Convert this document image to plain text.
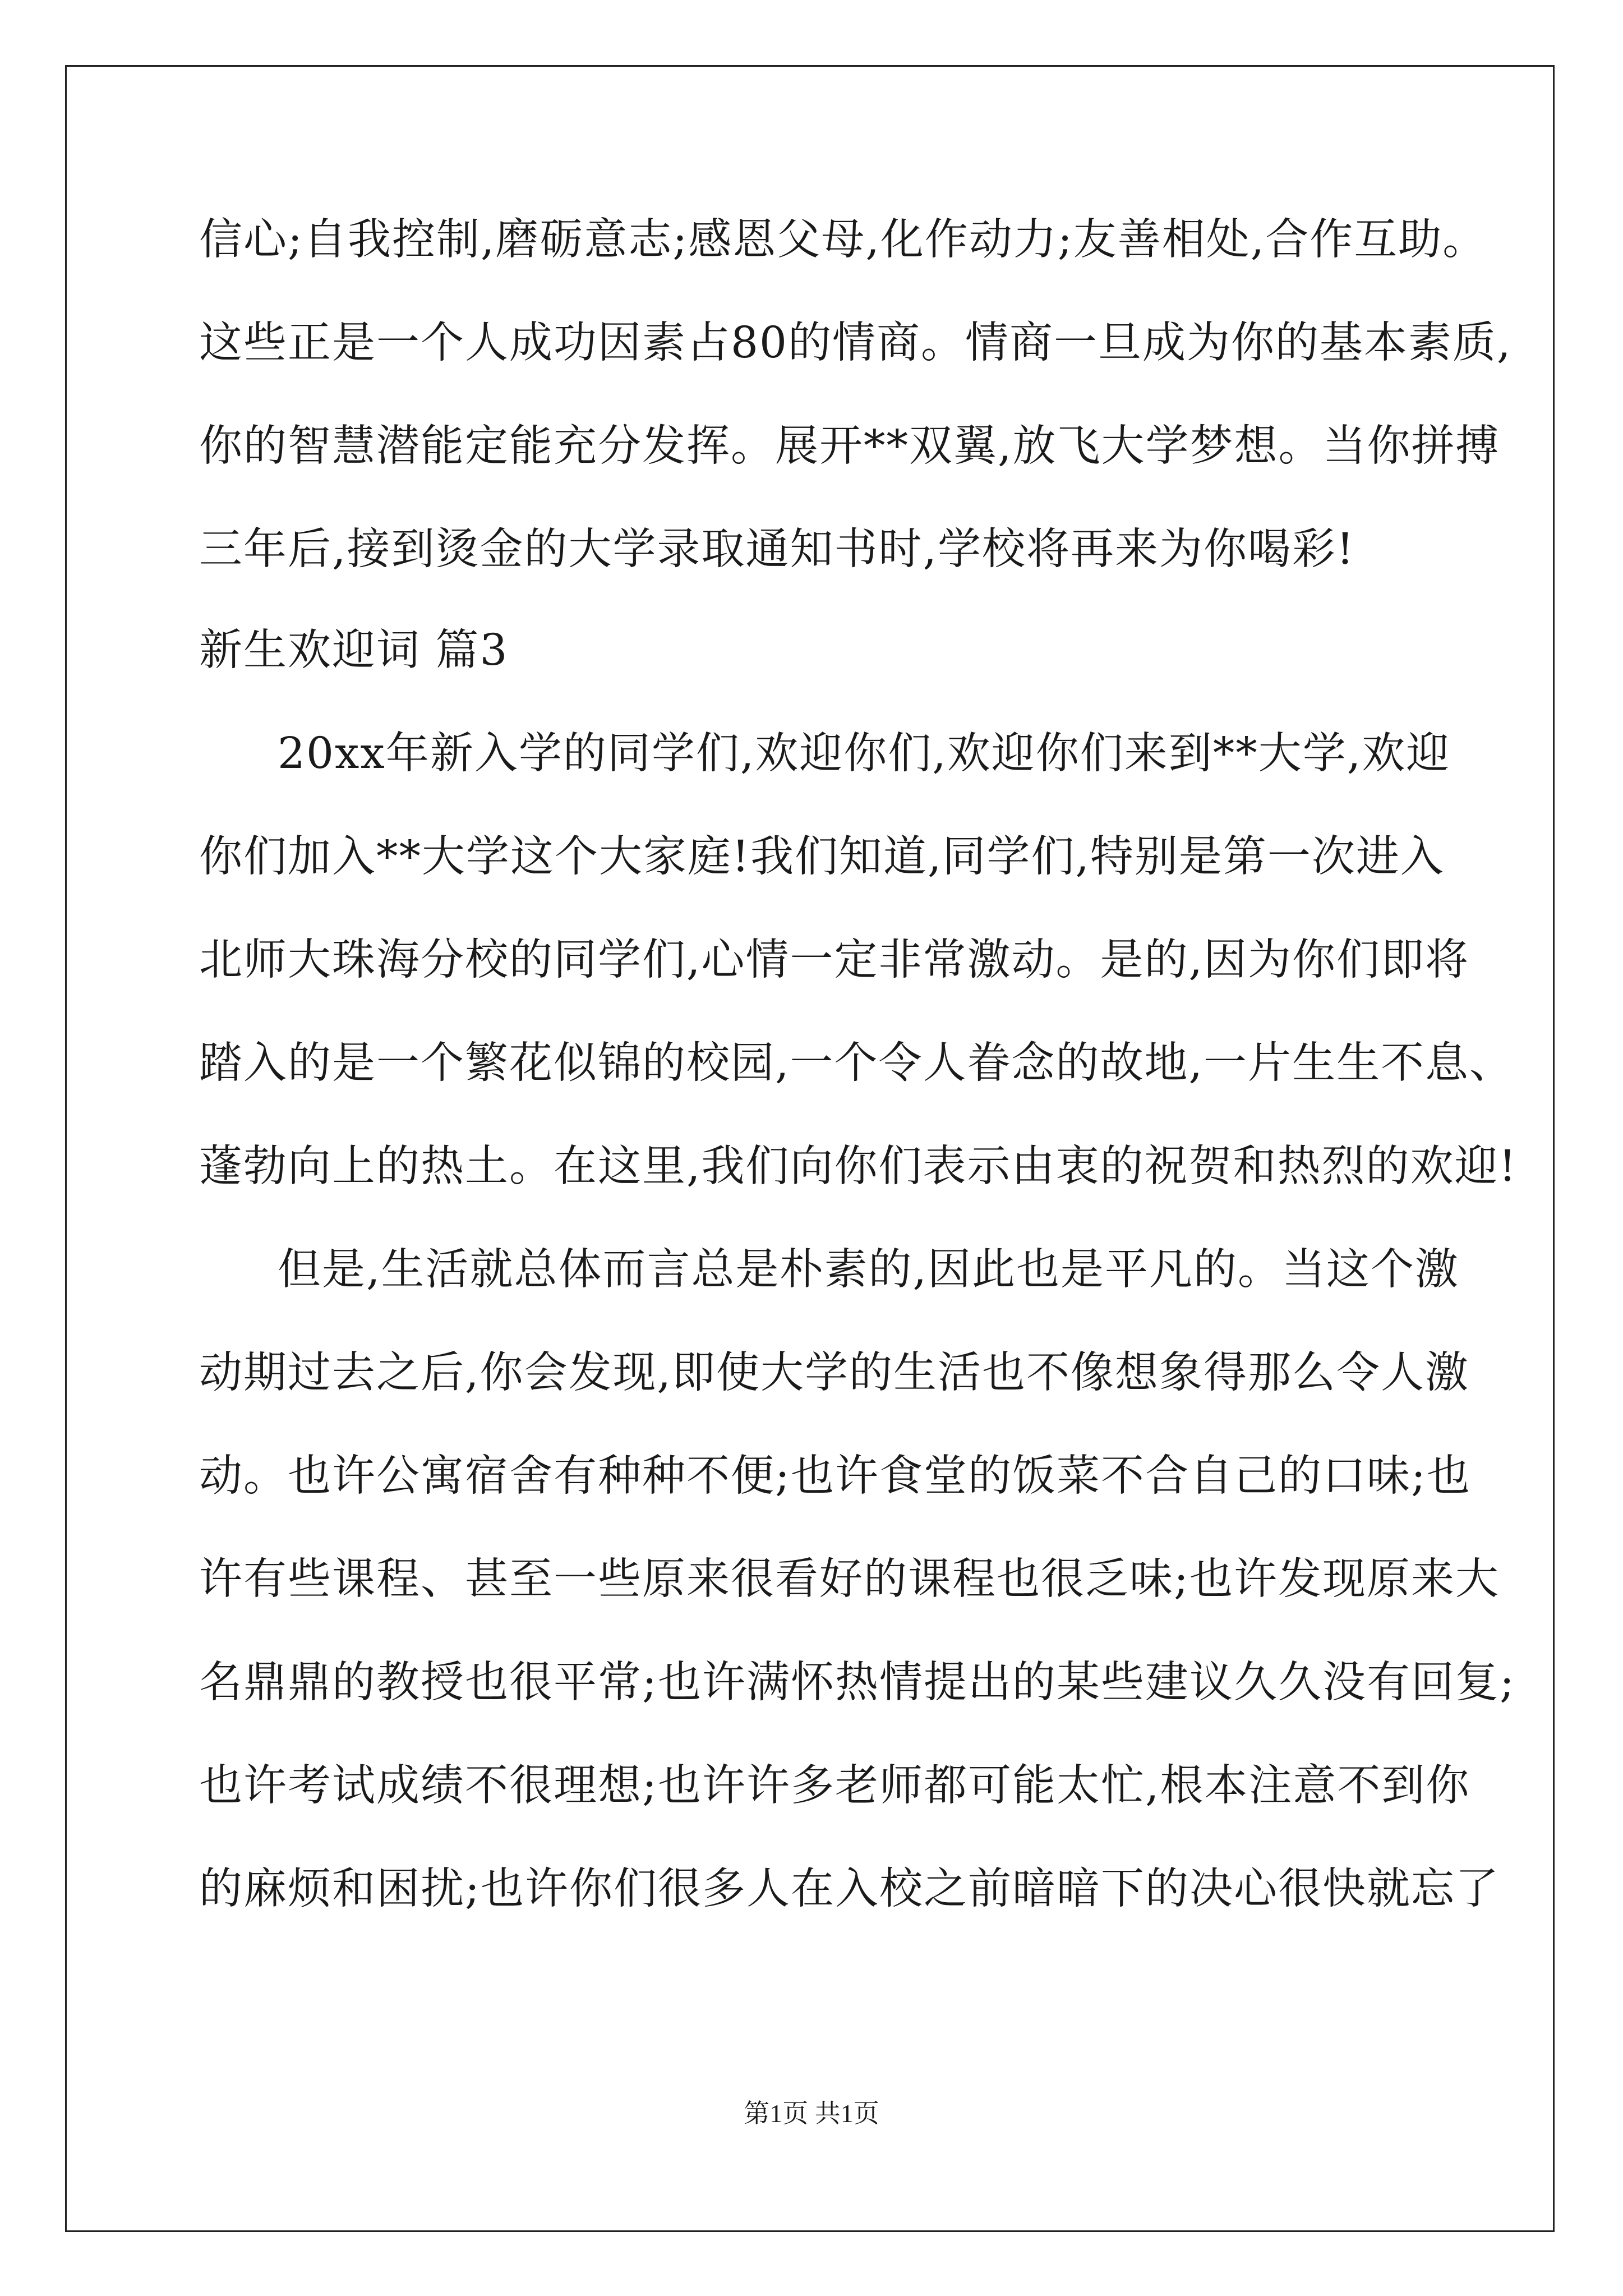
信心;自我控制,磨砺意志;感恩父母,化作动力;友善相处,合作互助。
这些正是一个人成功因素占80的情商。情商一旦成为你的基本素质,
你的智慧潜能定能充分发挥。展开**双翼,放飞大学梦想。当你拼搏
三年后,接到烫金的大学录取通知书时,学校将再来为你喝彩!
新生欢迎词 篇3
20xx年新入学的同学们,欢迎你们,欢迎你们来到**大学,欢迎
你们加入**大学这个大家庭!我们知道,同学们,特别是第一次进入
北师大珠海分校的同学们,心情一定非常激动。是的,因为你们即将
踏入的是一个繁花似锦的校园,一个令人眷念的故地,一片生生不息、
蓬勃向上的热土。在这里,我们向你们表示由衷的祝贺和热烈的欢迎!
但是,生活就总体而言总是朴素的,因此也是平凡的。当这个激
动期过去之后,你会发现,即使大学的生活也不像想象得那么令人激
动。也许公寓宿舍有种种不便;也许食堂的饭菜不合自己的口味;也
许有些课程、甚至一些原来很看好的课程也很乏味;也许发现原来大
名鼎鼎的教授也很平常;也许满怀热情提出的某些建议久久没有回复;
也许考试成绩不很理想;也许许多老师都可能太忙,根本注意不到你
的麻烦和困扰;也许你们很多人在入校之前暗暗下的决心很快就忘了
第1页 共1页
